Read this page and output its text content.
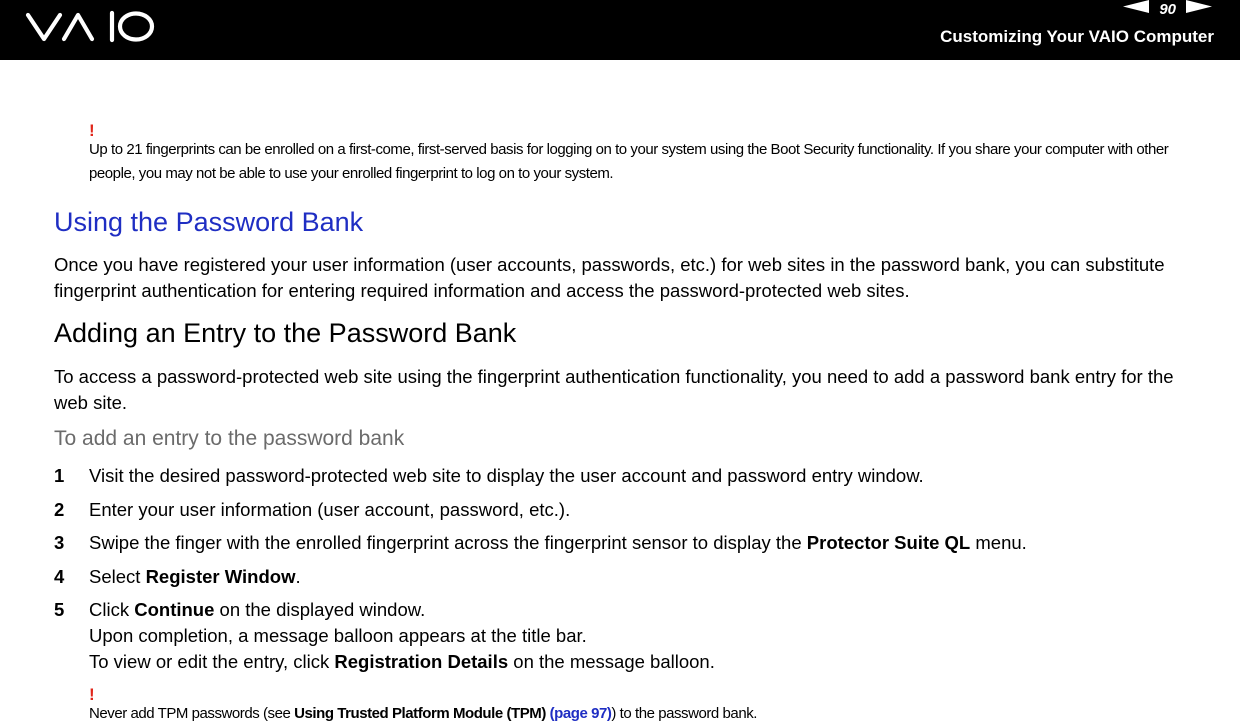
90
Customizing Your VAIO Computer
!

Up to 21 fingerprints can be enrolled on a first-come, first-served basis for logging on to your system using the Boot Security functionality. If you share your computer with other people, you may not be able to use your enrolled fingerprint to log on to your system.

Using the Password Bank

Once you have registered your user information (user accounts, passwords, etc.) for web sites in the password bank, you can substitute fingerprint authentication for entering required information and access the password-protected web sites.

Adding an Entry to the Password Bank

To access a password-protected web site using the fingerprint authentication functionality, you need to add a password bank entry for the web site.

To add an entry to the password bank
1 Visit the desired password-protected web site to display the user account and password entry window.
2 Enter your user information (user account, password, etc.).
3 Swipe the finger with the enrolled fingerprint across the fingerprint sensor to display the Protector Suite QL menu.
4 Select Register Window.
5 Click Continue on the displayed window.
Upon completion, a message balloon appears at the title bar.
To view or edit the entry, click Registration Details on the message balloon.
!

Never add TPM passwords (see Using Trusted Platform Module (TPM) (page 97)) to the password bank.
